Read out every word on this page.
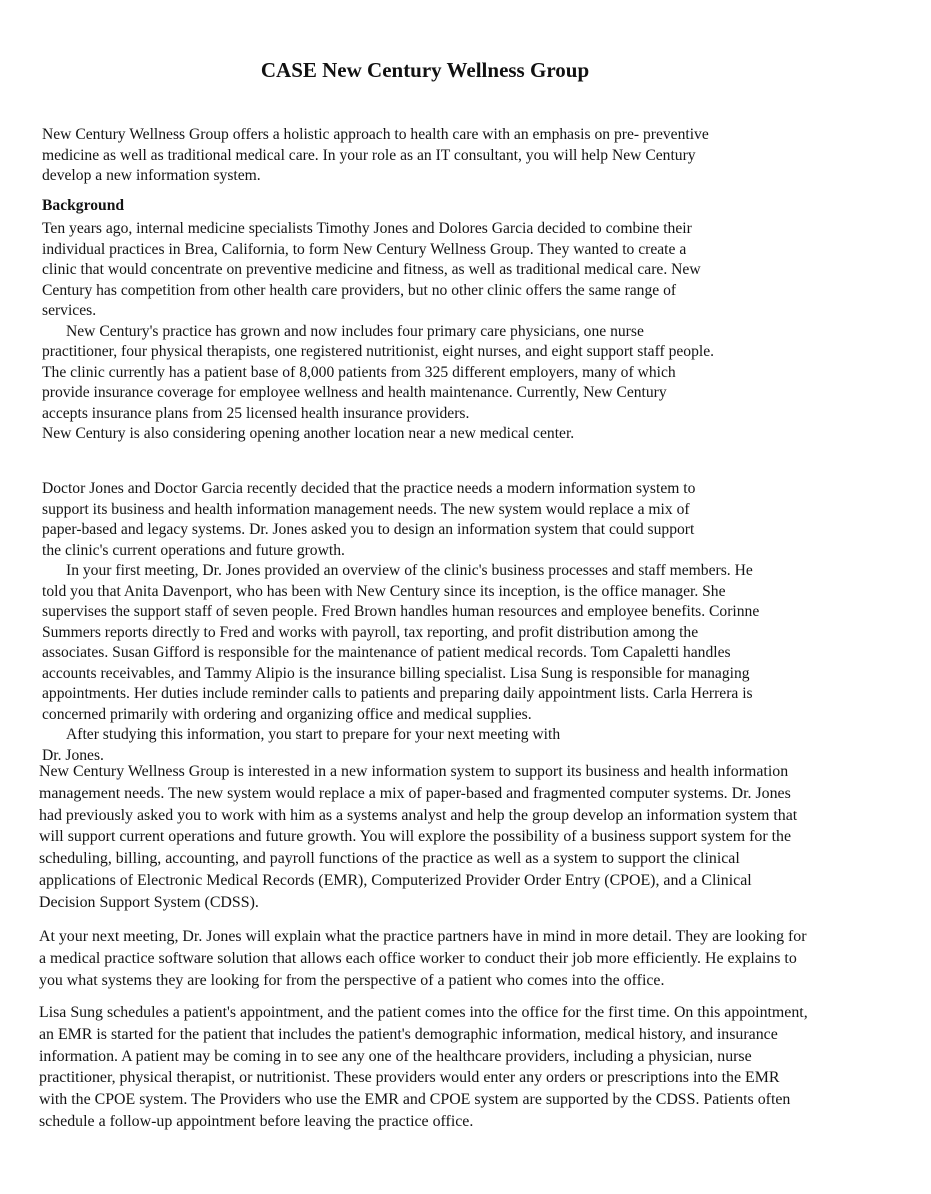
CASE New Century Wellness Group
New Century Wellness Group offers a holistic approach to health care with an emphasis on pre- preventive
medicine as well as traditional medical care. In your role as an IT consultant, you will help New Century
develop a new information system.
Background
Ten years ago, internal medicine specialists Timothy Jones and Dolores Garcia decided to combine their
individual practices in Brea, California, to form New Century Wellness Group. They wanted to create a
clinic that would concentrate on preventive medicine and fitness, as well as traditional medical care. New
Century has competition from other health care providers, but no other clinic offers the same range of
services.
New Century's practice has grown and now includes four primary care physicians, one nurse
practitioner, four physical therapists, one registered nutritionist, eight nurses, and eight support staff people.
The clinic currently has a patient base of 8,000 patients from 325 different employers, many of which
provide insurance coverage for employee wellness and health maintenance. Currently, New Century
accepts insurance plans from 25 licensed health insurance providers.
New Century is also considering opening another location near a new medical center.
Doctor Jones and Doctor Garcia recently decided that the practice needs a modern information system to
support its business and health information management needs. The new system would replace a mix of
paper-based and legacy systems. Dr. Jones asked you to design an information system that could support
the clinic's current operations and future growth.
In your first meeting, Dr. Jones provided an overview of the clinic's business processes and staff members. He
told you that Anita Davenport, who has been with New Century since its inception, is the office manager. She
supervises the support staff of seven people. Fred Brown handles human resources and employee benefits. Corinne
Summers reports directly to Fred and works with payroll, tax reporting, and profit distribution among the
associates. Susan Gifford is responsible for the maintenance of patient medical records. Tom Capaletti handles
accounts receivables, and Tammy Alipio is the insurance billing specialist. Lisa Sung is responsible for managing
appointments. Her duties include reminder calls to patients and preparing daily appointment lists. Carla Herrera is
concerned primarily with ordering and organizing office and medical supplies.
After studying this information, you start to prepare for your next meeting with
Dr. Jones.
New Century Wellness Group is interested in a new information system to support its business and health information
management needs. The new system would replace a mix of paper-based and fragmented computer systems. Dr. Jones
had previously asked you to work with him as a systems analyst and help the group develop an information system that
will support current operations and future growth. You will explore the possibility of a business support system for the
scheduling, billing, accounting, and payroll functions of the practice as well as a system to support the clinical
applications of Electronic Medical Records (EMR), Computerized Provider Order Entry (CPOE), and a Clinical
Decision Support System (CDSS).
At your next meeting, Dr. Jones will explain what the practice partners have in mind in more detail. They are looking for
a medical practice software solution that allows each office worker to conduct their job more efficiently. He explains to
you what systems they are looking for from the perspective of a patient who comes into the office.
Lisa Sung schedules a patient's appointment, and the patient comes into the office for the first time. On this appointment,
an EMR is started for the patient that includes the patient's demographic information, medical history, and insurance
information. A patient may be coming in to see any one of the healthcare providers, including a physician, nurse
practitioner, physical therapist, or nutritionist. These providers would enter any orders or prescriptions into the EMR
with the CPOE system. The Providers who use the EMR and CPOE system are supported by the CDSS. Patients often
schedule a follow-up appointment before leaving the practice office.
